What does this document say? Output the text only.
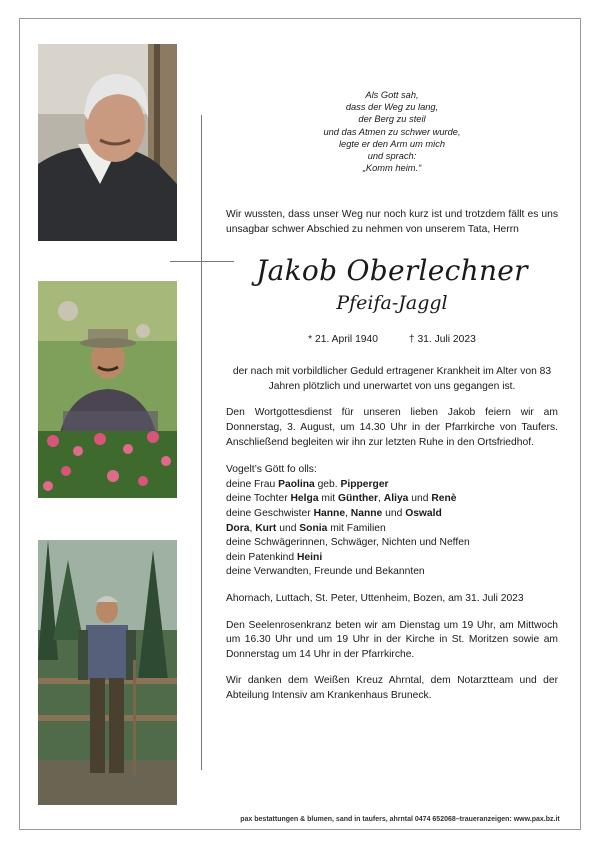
Als Gott sah,
dass der Weg zu lang,
der Berg zu steil
und das Atmen zu schwer wurde,
legte er den Arm um mich
und sprach:
„Komm heim.“

Wir wussten, dass unser Weg nur noch kurz ist und trotzdem fällt es uns unsagbar schwer Abschied zu nehmen von unserem Tata, Herrn

Jakob Oberlechner
Pfeifa-Jaggl
* 21. April 1940	† 31. Juli 2023

der nach mit vorbildlicher Geduld ertragener Krankheit im Alter von 83 Jahren plötzlich und unerwartet von uns gegangen ist.

Den Wortgottesdienst für unseren lieben Jakob feiern wir am Donnerstag, 3. August, um 14.30 Uhr in der Pfarrkirche von Taufers. Anschließend begleiten wir ihn zur letzten Ruhe in den Ortsfriedhof.

Vogelt’s Gött fo olls:
deine Frau Paolina geb. Pipperger
deine Tochter Helga mit Günther, Aliya und Renè
deine Geschwister Hanne, Nanne und Oswald
Dora, Kurt und Sonia mit Familien
deine Schwägerinnen, Schwäger, Nichten und Neffen
dein Patenkind Heini
deine Verwandten, Freunde und Bekannten

Ahornach, Luttach, St. Peter, Uttenheim, Bozen, am 31. Juli 2023

Den Seelenrosenkranz beten wir am Dienstag um 19 Uhr, am Mittwoch um 16.30 Uhr und um 19 Uhr in der Kirche in St. Moritzen sowie am Donnerstag um 14 Uhr in der Pfarrkirche.

Wir danken dem Weißen Kreuz Ahrntal, dem Notarztteam und der Abteilung Intensiv am Krankenhaus Bruneck.

pax bestattungen & blumen, sand in taufers, ahrntal 0474 652068–traueranzeigen: www.pax.bz.it
